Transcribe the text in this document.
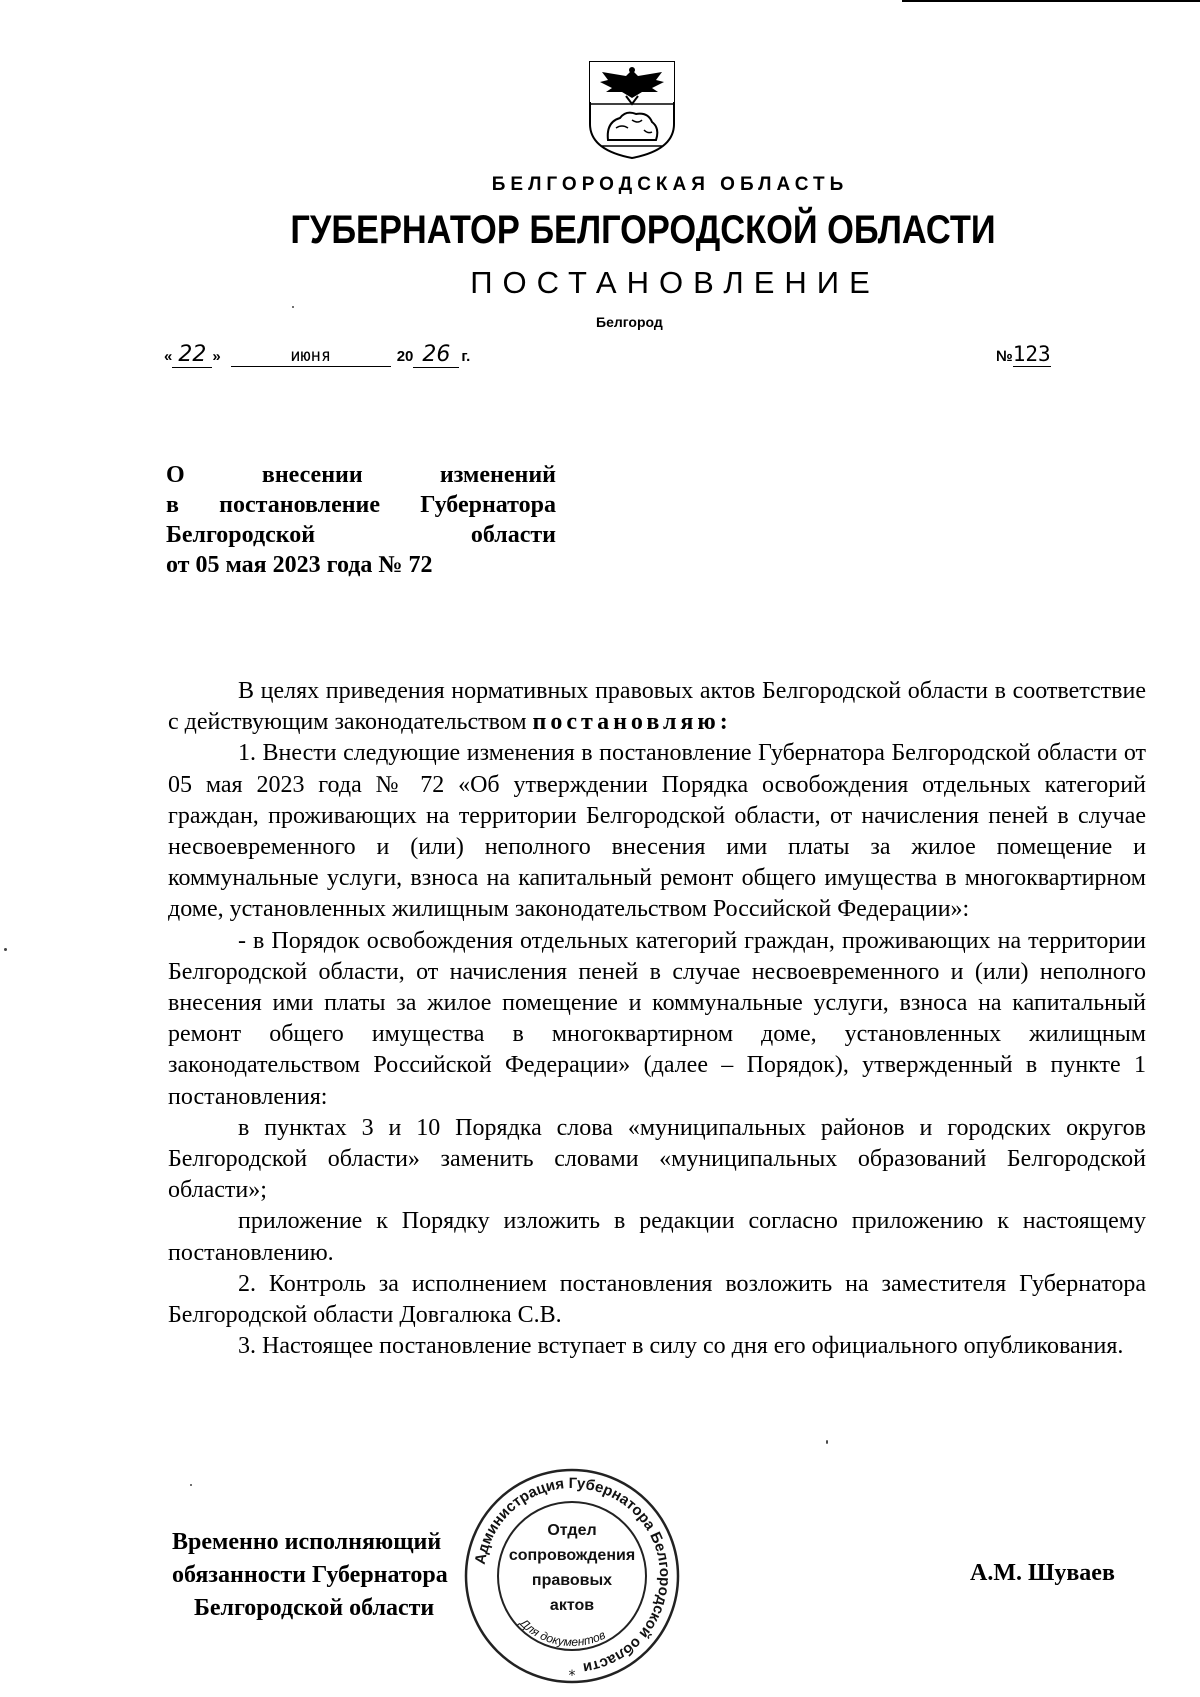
БЕЛГОРОДСКАЯ ОБЛАСТЬ
ГУБЕРНАТОР БЕЛГОРОДСКОЙ ОБЛАСТИ
ПОСТАНОВЛЕНИЕ
Белгород
« 22 »	июня	20 26 г.	№123
О внесении изменений
в постановление Губернатора
Белгородской области
от 05 мая 2023 года № 72

В целях приведения нормативных правовых актов Белгородской области в соответствие с действующим законодательством постановляю:

1. Внести следующие изменения в постановление Губернатора Белгородской области от 05 мая 2023 года № 72 «Об утверждении Порядка освобождения отдельных категорий граждан, проживающих на территории Белгородской области, от начисления пеней в случае несвоевременного и (или) неполного внесения ими платы за жилое помещение и коммунальные услуги, взноса на капитальный ремонт общего имущества в многоквартирном доме, установленных жилищным законодательством Российской Федерации»:

- в Порядок освобождения отдельных категорий граждан, проживающих на территории Белгородской области, от начисления пеней в случае несвоевременного и (или) неполного внесения ими платы за жилое помещение и коммунальные услуги, взноса на капитальный ремонт общего имущества в многоквартирном доме, установленных жилищным законодательством Российской Федерации» (далее – Порядок), утвержденный в пункте 1 постановления:

в пунктах 3 и 10 Порядка слова «муниципальных районов и городских округов Белгородской области» заменить словами «муниципальных образований Белгородской области»;

приложение к Порядку изложить в редакции согласно приложению к настоящему постановлению.

2. Контроль за исполнением постановления возложить на заместителя Губернатора Белгородской области Довгалюка С.В.

3. Настоящее постановление вступает в силу со дня его официального опубликования.

Администрация Губернатора Белгородской области
Для документов
*
Отдел
сопровождения
правовых
актов
Временно исполняющий
обязанности Губернатора
Белгородской области
А.М. Шуваев
